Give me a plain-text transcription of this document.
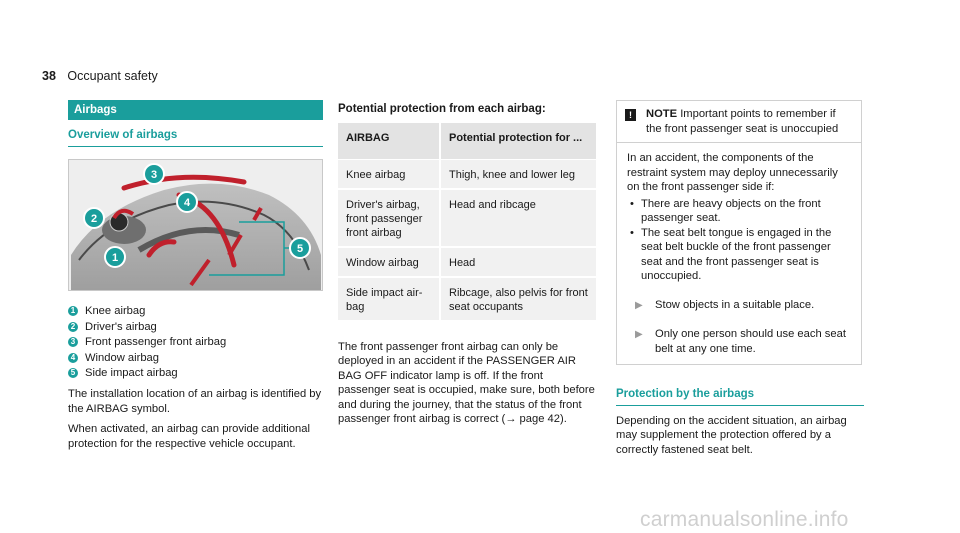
38 Occupant safety
Airbags
Overview of airbags
3
4
2
5
1
1 Knee airbag
2 Driver's airbag
3 Front passenger front airbag
4 Window airbag
5 Side impact airbag

The installation location of an airbag is identified by the AIRBAG symbol.

When activated, an airbag can provide additional protection for the respective vehicle occupant.

Potential protection from each airbag:
AIRBAG	Potential protection for ...
Knee airbag	Thigh, knee and lower leg
Driver's airbag, front passenger front airbag	Head and ribcage
Window airbag	Head
Side impact air-bag	Ribcage, also pelvis for front seat occupants

The front passenger front airbag can only be deployed in an accident if the PASSENGER AIR BAG OFF indicator lamp is off. If the front passenger seat is occupied, make sure, both before and during the journey, that the status of the front passenger front airbag is correct (→ page 42).

!	NOTE Important points to remember if the front passenger seat is unoccupied

In an accident, the components of the restraint system may deploy unnecessarily on the front passenger side if:

• There are heavy objects on the front passenger seat.
• The seat belt tongue is engaged in the seat belt buckle of the front passenger seat and the front passenger seat is unoccupied.
▶	Stow objects in a suitable place.
▶	Only one person should use each seat belt at any one time.
Protection by the airbags

Depending on the accident situation, an airbag may supplement the protection offered by a correctly fastened seat belt.

carmanualsonline.info
